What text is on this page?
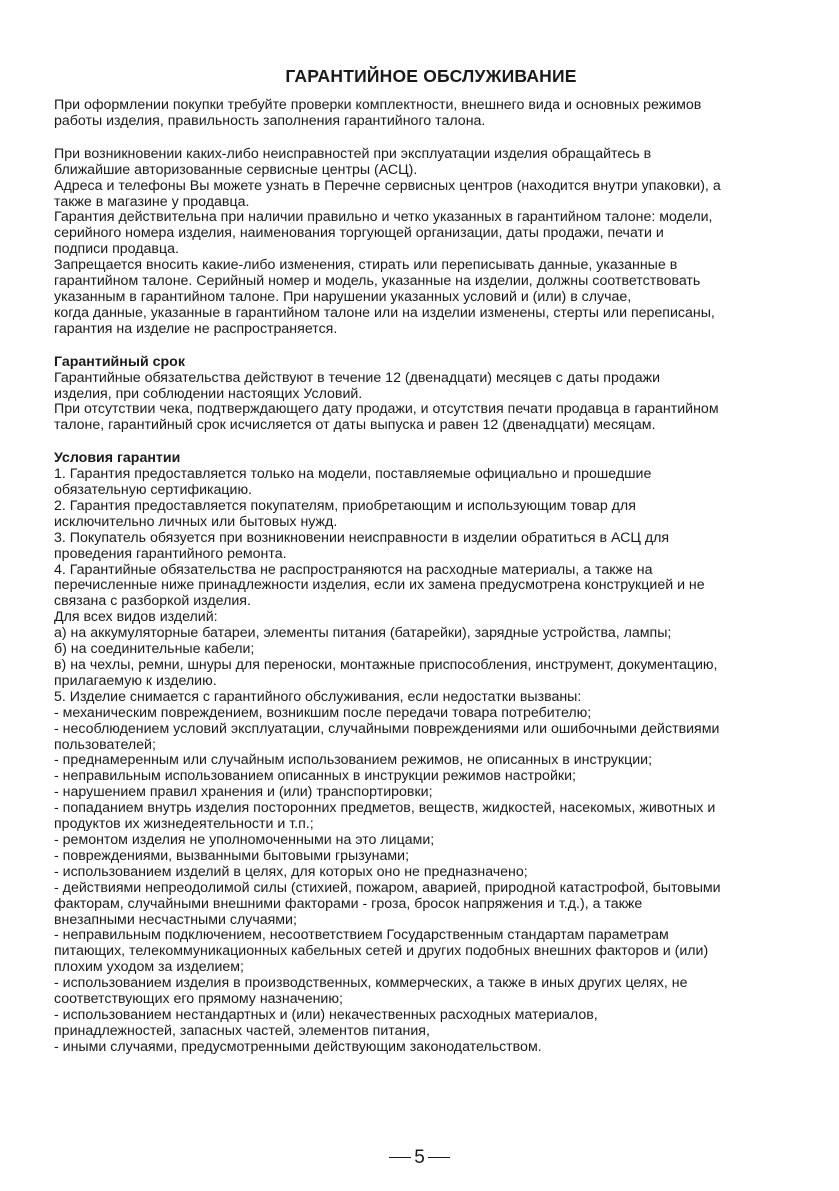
ГАРАНТИЙНОЕ ОБСЛУЖИВАНИЕ
При оформлении покупки требуйте проверки комплектности, внешнего вида и основных режимов
работы изделия, правильность заполнения гарантийного талона.
При возникновении каких-либо неисправностей при эксплуатации изделия обращайтесь в
ближайшие авторизованные сервисные центры (АСЦ).
Адреса и телефоны Вы можете узнать в Перечне сервисных центров (находится внутри упаковки), а
также в магазине у продавца.
Гарантия действительна при наличии правильно и четко указанных в гарантийном талоне: модели,
серийного номера изделия, наименования торгующей организации, даты продажи, печати и
подписи продавца.
Запрещается вносить какие-либо изменения, стирать или переписывать данные, указанные в
гарантийном талоне. Серийный номер и модель, указанные на изделии, должны соответствовать
указанным в гарантийном талоне. При нарушении указанных условий и (или) в случае,
когда данные, указанные в гарантийном талоне или на изделии изменены, стерты или переписаны,
гарантия на изделие не распространяется.
Гарантийный срок
Гарантийные обязательства действуют в течение 12 (двенадцати) месяцев с даты продажи
изделия, при соблюдении настоящих Условий.
При отсутствии чека, подтверждающего дату продажи, и отсутствия печати продавца в гарантийном
талоне, гарантийный срок исчисляется от даты выпуска и равен 12 (двенадцати) месяцам.
Условия гарантии
1. Гарантия предоставляется только на модели, поставляемые официально и прошедшие
обязательную сертификацию.
2. Гарантия предоставляется покупателям, приобретающим и использующим товар для
исключительно личных или бытовых нужд.
3. Покупатель обязуется при возникновении неисправности в изделии обратиться в АСЦ для
проведения гарантийного ремонта.
4. Гарантийные обязательства не распространяются на расходные материалы, а также на
перечисленные ниже принадлежности изделия, если их замена предусмотрена конструкцией и не
связана с разборкой изделия.
Для всех видов изделий:
а) на аккумуляторные батареи, элементы питания (батарейки), зарядные устройства, лампы;
б) на соединительные кабели;
в) на чехлы, ремни, шнуры для переноски, монтажные приспособления, инструмент, документацию,
прилагаемую к изделию.
5. Изделие снимается с гарантийного обслуживания, если недостатки вызваны:
- механическим повреждением, возникшим после передачи товара потребителю;
- несоблюдением условий эксплуатации, случайными повреждениями или ошибочными действиями
пользователей;
- преднамеренным или случайным использованием режимов, не описанных в инструкции;
- неправильным использованием описанных в инструкции режимов настройки;
- нарушением правил хранения и (или) транспортировки;
- попаданием внутрь изделия посторонних предметов, веществ, жидкостей, насекомых, животных и
продуктов их жизнедеятельности и т.п.;
- ремонтом изделия не уполномоченными на это лицами;
- повреждениями, вызванными бытовыми грызунами;
- использованием изделий в целях, для которых оно не предназначено;
- действиями непреодолимой силы (стихией, пожаром, аварией, природной катастрофой, бытовыми
факторам, случайными внешними факторами - гроза, бросок напряжения и т.д.), а также
внезапными несчастными случаями;
- неправильным подключением, несоответствием Государственным стандартам параметрам
питающих, телекоммуникационных кабельных сетей и других подобных внешних факторов и (или)
плохим уходом за изделием;
- использованием изделия в производственных, коммерческих, а также в иных других целях, не
соответствующих его прямому назначению;
- использованием нестандартных и (или) некачественных расходных материалов,
принадлежностей, запасных частей, элементов питания,
- иными случаями, предусмотренными действующим законодательством.
5
